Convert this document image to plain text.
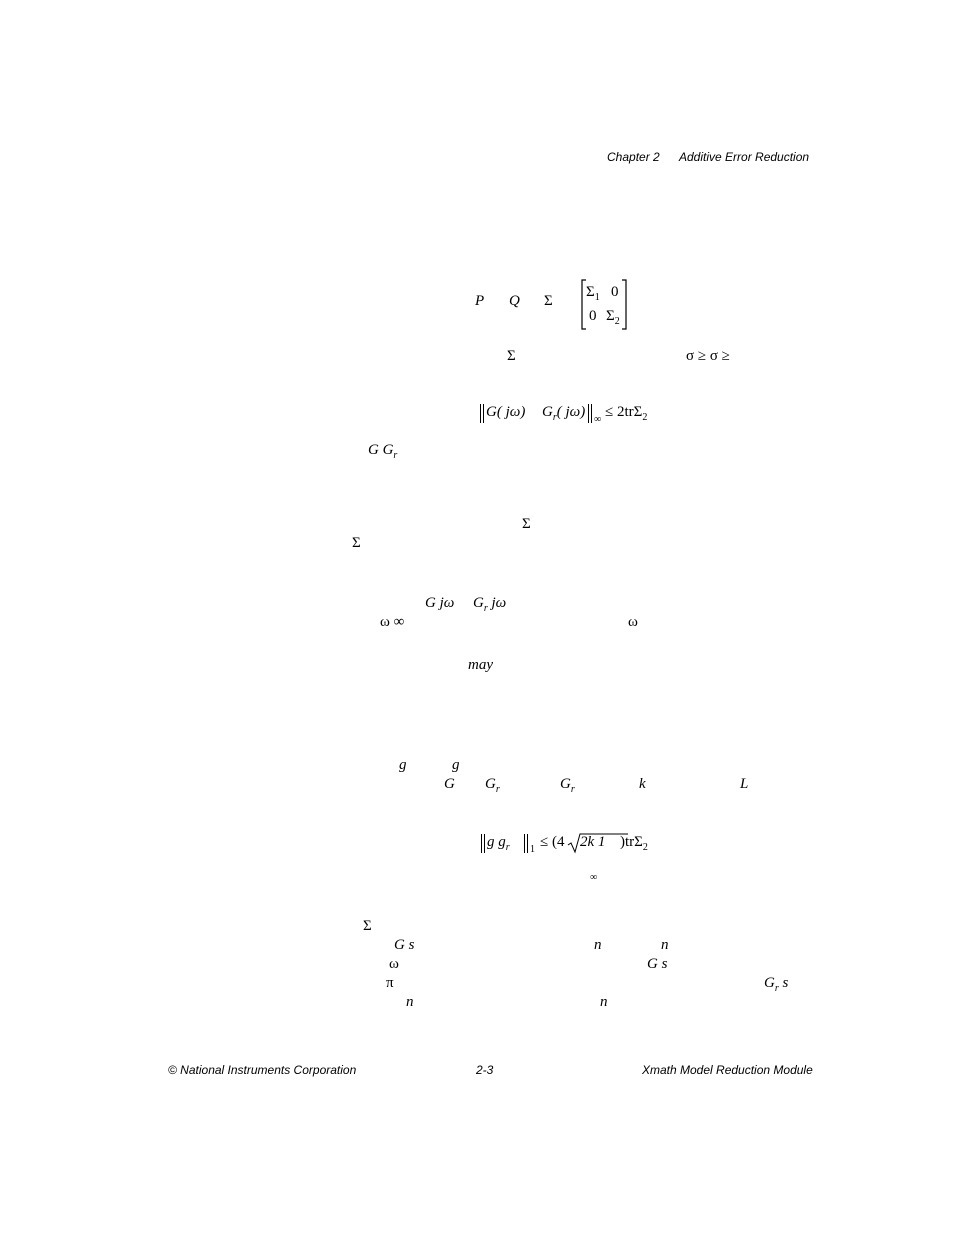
Chapter 2 Additive Error Reduction
P Q Σ
$\Sigma_1$ 0
0 $\Sigma_2$
Σ	σ ≥ σ ≥
G( jω) $G_r$( jω) ∞ ≤ 2trΣ$_2$
G $G_r$
Σ
Σ
G jω $G_r$ jω
ω ∞	ω
may
g	g
G $G_r$	$G_r$	k	L
g $g_r$ 1 ≤ (4 2k 1 )trΣ$_2$
∞
Σ
G s	n	n
ω	G s
π	$G_r$ s
n	n
© National Instruments Corporation	2-3	Xmath Model Reduction Module
